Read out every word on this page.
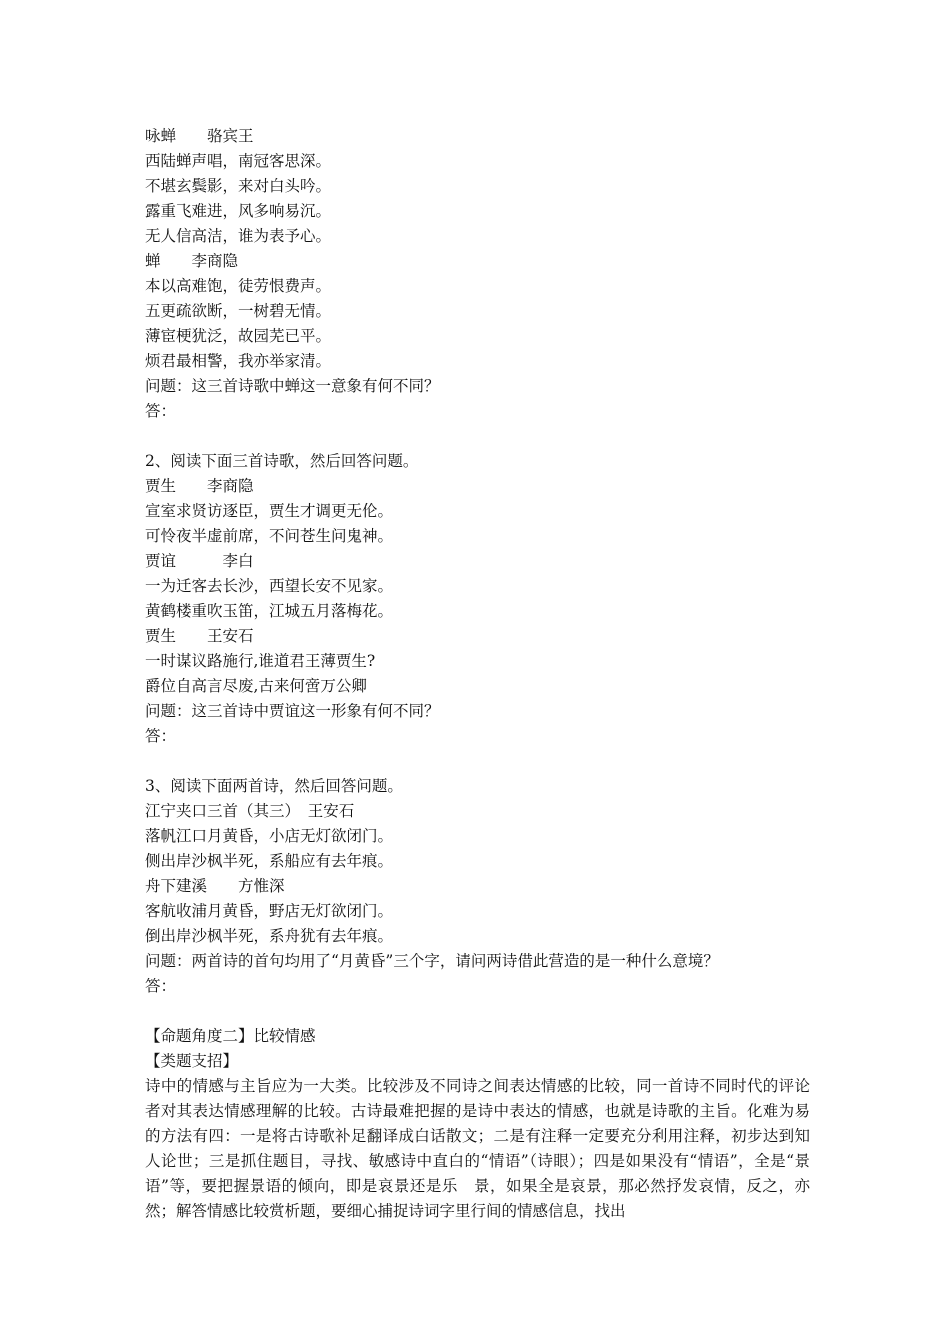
咏蝉　　骆宾王
西陆蝉声唱，南冠客思深。
不堪玄鬓影，来对白头吟。
露重飞难进，风多响易沉。
无人信高洁，谁为表予心。
蝉　　李商隐
本以高难饱，徒劳恨费声。
五更疏欲断，一树碧无情。
薄宦梗犹泛，故园芜已平。
烦君最相警，我亦举家清。
问题：这三首诗歌中蝉这一意象有何不同？
答：
2、阅读下面三首诗歌，然后回答问题。
贾生　　李商隐
宣室求贤访逐臣，贾生才调更无伦。
可怜夜半虚前席，不问苍生问鬼神。
贾谊　　　李白
一为迁客去长沙，西望长安不见家。
黄鹤楼重吹玉笛，江城五月落梅花。
贾生　　王安石
一时谋议路施行,谁道君王薄贾生?
爵位自高言尽废,古来何啻万公卿
问题：这三首诗中贾谊这一形象有何不同？
答：
3、阅读下面两首诗，然后回答问题。
江宁夹口三首（其三）　王安石
落帆江口月黄昏，小店无灯欲闭门。
侧出岸沙枫半死，系船应有去年痕。
舟下建溪　　方惟深
客航收浦月黄昏，野店无灯欲闭门。
倒出岸沙枫半死，系舟犹有去年痕。
问题：两首诗的首句均用了“月黄昏”三个字，请问两诗借此营造的是一种什么意境？
答：
【命题角度二】比较情感
【类题支招】
诗中的情感与主旨应为一大类。比较涉及不同诗之间表达情感的比较，同一首诗不同时代的评论者对其表达情感理解的比较。古诗最难把握的是诗中表达的情感，也就是诗歌的主旨。化难为易的方法有四：一是将古诗歌补足翻译成白话散文；二是有注释一定要充分利用注释，初步达到知人论世；三是抓住题目，寻找、敏感诗中直白的“情语”（诗眼）；四是如果没有“情语”，全是“景语”等，要把握景语的倾向，即是哀景还是乐　景，如果全是哀景，那必然抒发哀情，反之，亦然；解答情感比较赏析题，要细心捕捉诗词字里行间的情感信息，找出
